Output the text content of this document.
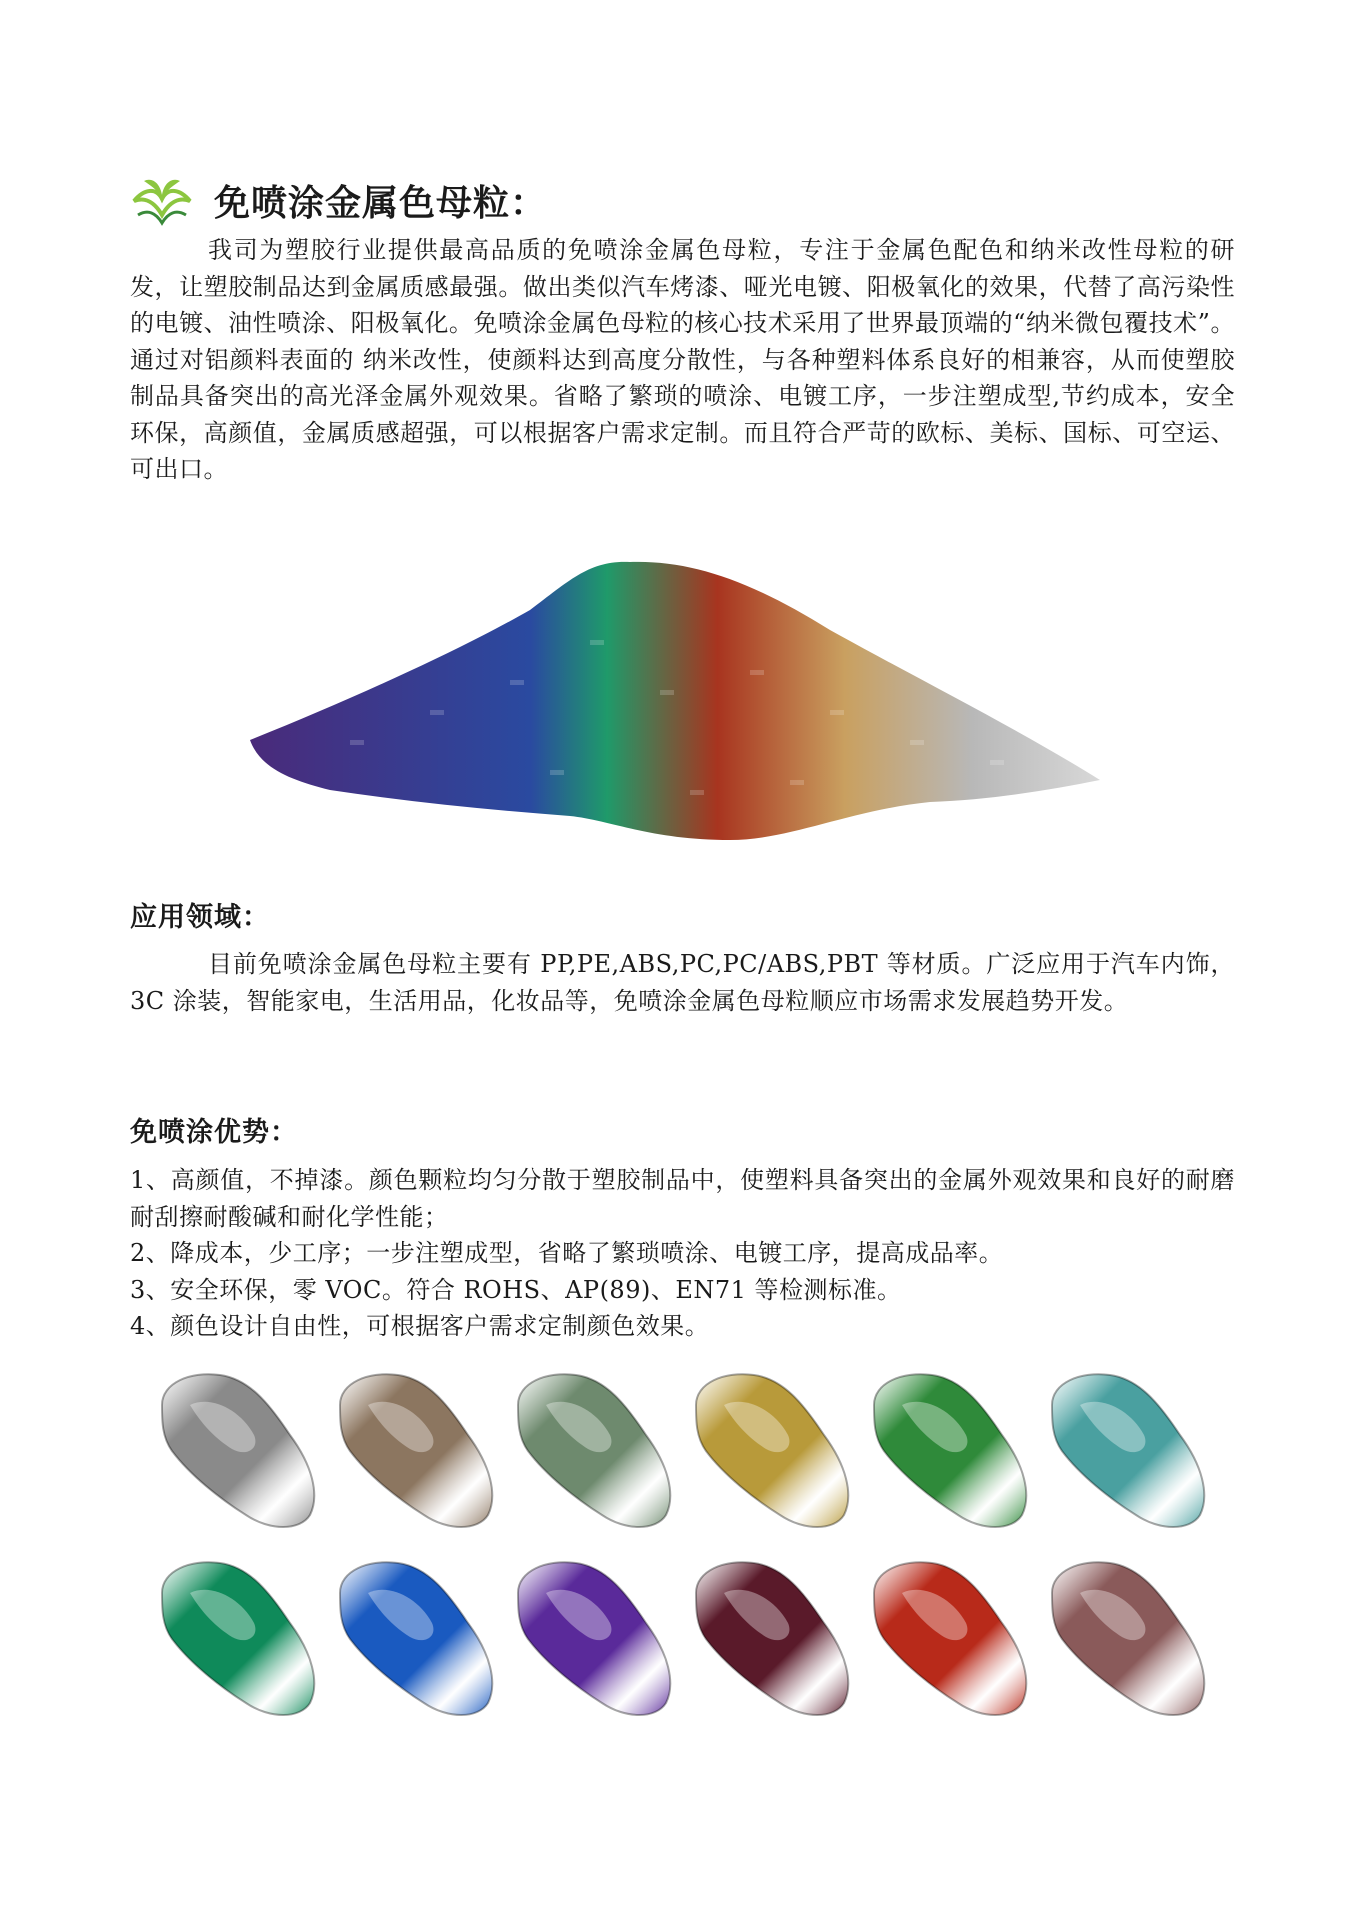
免喷涂金属色母粒：
我司为塑胶行业提供最高品质的免喷涂金属色母粒，专注于金属色配色和纳米改性母粒的研发，让塑胶制品达到金属质感最强。做出类似汽车烤漆、哑光电镀、阳极氧化的效果，代替了高污染性的电镀、油性喷涂、阳极氧化。免喷涂金属色母粒的核心技术采用了世界最顶端的“纳米微包覆技术”。通过对铝颜料表面的 纳米改性，使颜料达到高度分散性，与各种塑料体系良好的相兼容，从而使塑胶制品具备突出的高光泽金属外观效果。省略了繁琐的喷涂、电镀工序，一步注塑成型,节约成本，安全环保，高颜值，金属质感超强，可以根据客户需求定制。而且符合严苛的欧标、美标、国标、可空运、可出口。
应用领域：
目前免喷涂金属色母粒主要有 PP,PE,ABS,PC,PC/ABS,PBT 等材质。广泛应用于汽车内饰，3C 涂装，智能家电，生活用品，化妆品等，免喷涂金属色母粒顺应市场需求发展趋势开发。
免喷涂优势：
1、高颜值，不掉漆。颜色颗粒均匀分散于塑胶制品中，使塑料具备突出的金属外观效果和良好的耐磨耐刮擦耐酸碱和耐化学性能；
2、降成本，少工序；一步注塑成型，省略了繁琐喷涂、电镀工序，提高成品率。
3、安全环保，零 VOC。符合 ROHS、AP(89)、EN71 等检测标准。
4、颜色设计自由性，可根据客户需求定制颜色效果。
